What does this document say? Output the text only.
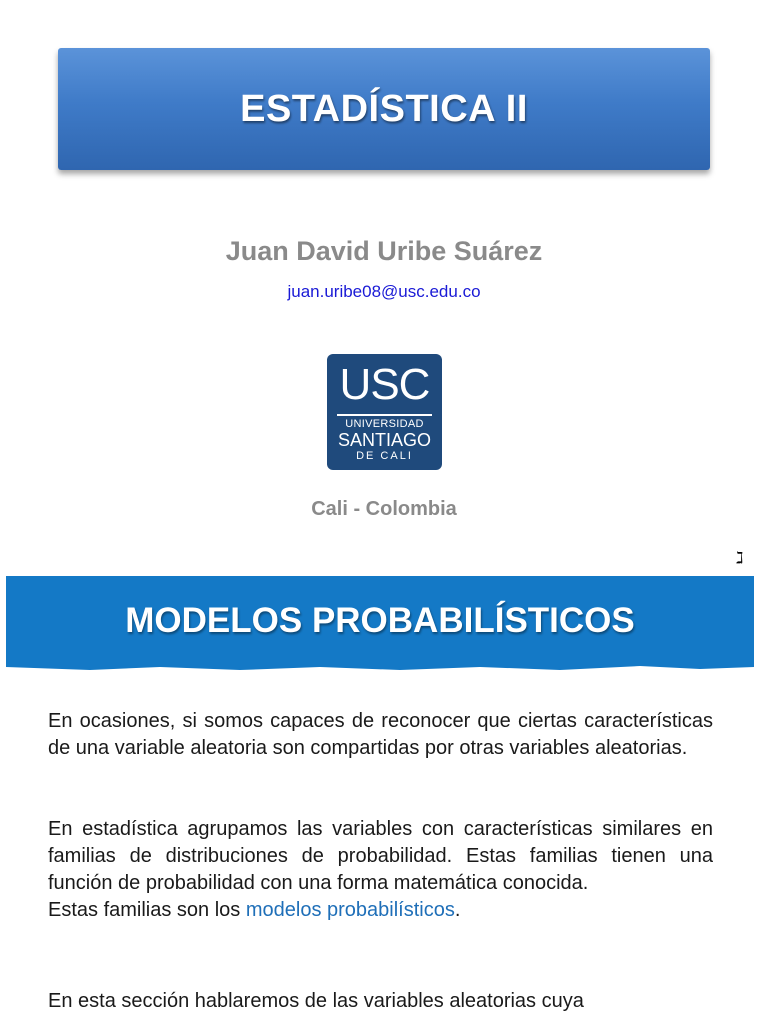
ESTADÍSTICA II
Juan David Uribe Suárez
juan.uribe08@usc.edu.co
USC
UNIVERSIDAD
SANTIAGO
DE CALI
Cali - Colombia
ℷ
MODELOS PROBABILÍSTICOS
En ocasiones, si somos capaces de reconocer que ciertas características de una variable aleatoria son compartidas por otras variables aleatorias.
En estadística agrupamos las variables con características similares en familias de distribuciones de probabilidad. Estas familias tienen una función de probabilidad con una forma matemática conocida.
Estas familias son los modelos probabilísticos.
En esta sección hablaremos de las variables aleatorias cuya
